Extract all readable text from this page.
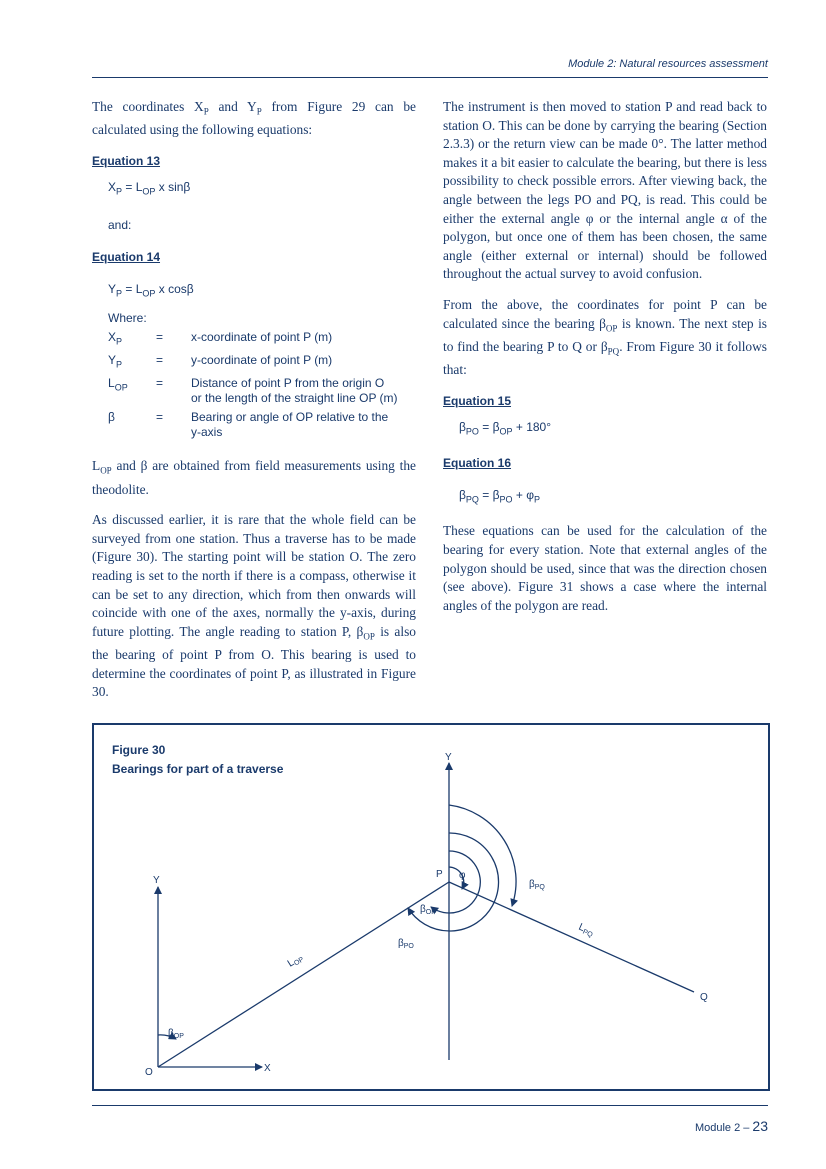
Module 2: Natural resources assessment

The coordinates $X_P$ and $Y_P$ from Figure 29 can be calculated using the following equations:

Equation 13
$X_P = L_{OP}$ x sinβ
and:
Equation 14
$Y_P = L_{OP}$ x cosβ
Where:
$X_P$	=	x-coordinate of point P (m)
$Y_P$	=	y-coordinate of point P (m)
$L_{OP}$	=	Distance of point P from the origin O
or the length of the straight line OP (m)
β	=	Bearing or angle of OP relative to the
y-axis

$L_{OP}$ and β are obtained from field measurements using the theodolite.

As discussed earlier, it is rare that the whole field can be surveyed from one station. Thus a traverse has to be made (Figure 30). The starting point will be station O. The zero reading is set to the north if there is a compass, otherwise it can be set to any direction, which from then onwards will coincide with one of the axes, normally the y-axis, during future plotting. The angle reading to station P, $\beta_{OP}$ is also the bearing of point P from O. This bearing is used to determine the coordinates of point P, as illustrated in Figure 30.

The instrument is then moved to station P and read back to station O. This can be done by carrying the bearing (Section 2.3.3) or the return view can be made 0°. The latter method makes it a bit easier to calculate the bearing, but there is less possibility to check possible errors. After viewing back, the angle between the legs PO and PQ, is read. This could be either the external angle φ or the internal angle α of the polygon, but once one of them has been chosen, the same angle (either external or internal) should be followed throughout the actual survey to avoid confusion.

From the above, the coordinates for point P can be calculated since the bearing $\beta_{OP}$ is known. The next step is to find the bearing P to Q or $\beta_{PQ}$. From Figure 30 it follows that:

Equation 15
$\beta_{PO} = \beta_{OP} + 180^\circ$
Equation 16
$\beta_{PQ} = \beta_{PO} + \varphi_P$

These equations can be used for the calculation of the bearing for every station. Note that external angles of the polygon should be used, since that was the direction chosen (see above). Figure 31 shows a case where the internal angles of the polygon are read.

Y
X
O
Y
P φ
Q
$L_{OP}$
$L_{PQ}$
$\beta_{OP}$
$\beta_{OP}$
$\beta_{PO}$
$\beta_{PQ}$
Figure 30
Bearings for part of a traverse
Module 2 – 23
